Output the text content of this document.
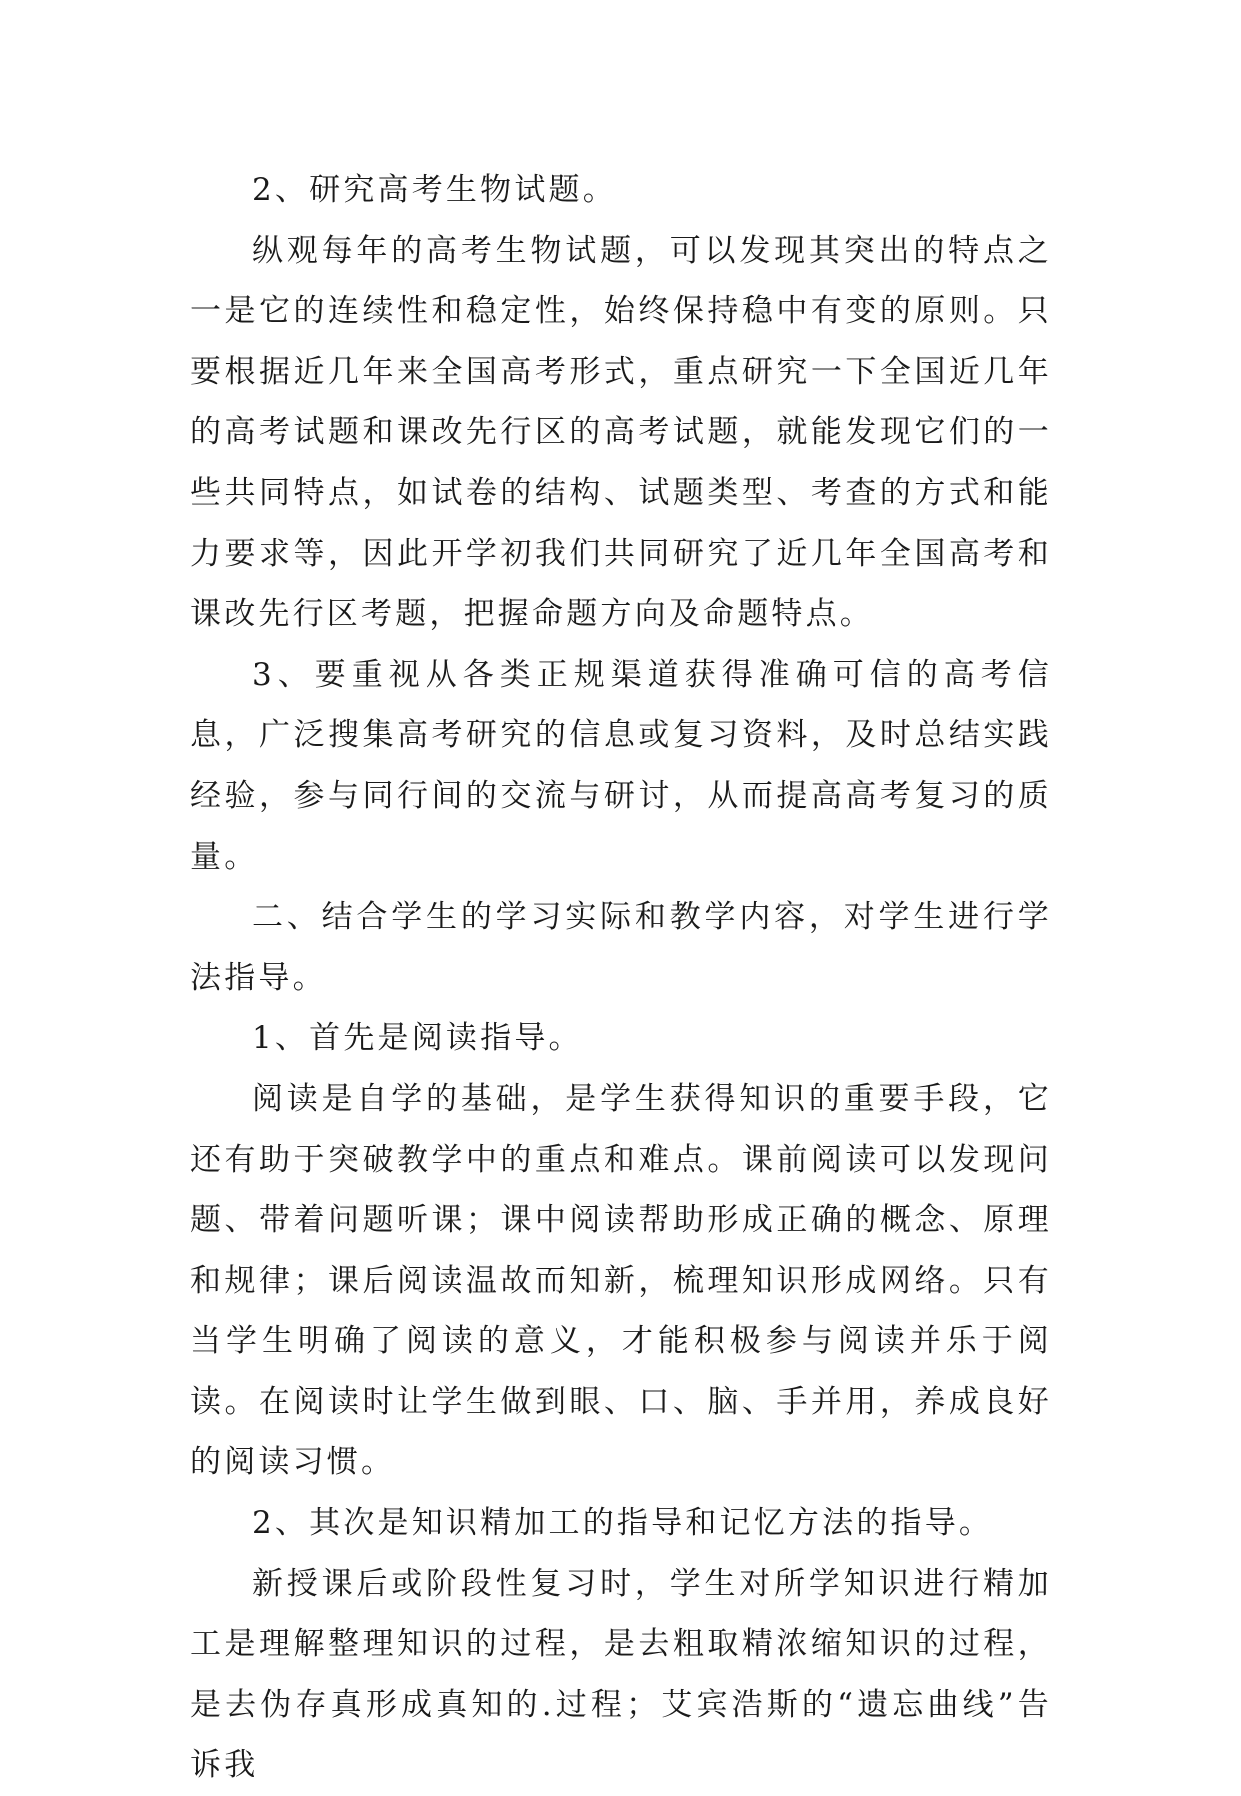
2、研究高考生物试题。

纵观每年的高考生物试题，可以发现其突出的特点之一是它的连续性和稳定性，始终保持稳中有变的原则。只要根据近几年来全国高考形式，重点研究一下全国近几年的高考试题和课改先行区的高考试题，就能发现它们的一些共同特点，如试卷的结构、试题类型、考查的方式和能力要求等，因此开学初我们共同研究了近几年全国高考和课改先行区考题，把握命题方向及命题特点。

3、要重视从各类正规渠道获得准确可信的高考信息，广泛搜集高考研究的信息或复习资料，及时总结实践经验，参与同行间的交流与研讨，从而提高高考复习的质量。

二、结合学生的学习实际和教学内容，对学生进行学法指导。

1、首先是阅读指导。

阅读是自学的基础，是学生获得知识的重要手段，它还有助于突破教学中的重点和难点。课前阅读可以发现问题、带着问题听课；课中阅读帮助形成正确的概念、原理和规律；课后阅读温故而知新，梳理知识形成网络。只有当学生明确了阅读的意义，才能积极参与阅读并乐于阅读。在阅读时让学生做到眼、口、脑、手并用，养成良好的阅读习惯。

2、其次是知识精加工的指导和记忆方法的指导。

新授课后或阶段性复习时，学生对所学知识进行精加工是理解整理知识的过程，是去粗取精浓缩知识的过程，是去伪存真形成真知的.过程；艾宾浩斯的“遗忘曲线”告诉我
